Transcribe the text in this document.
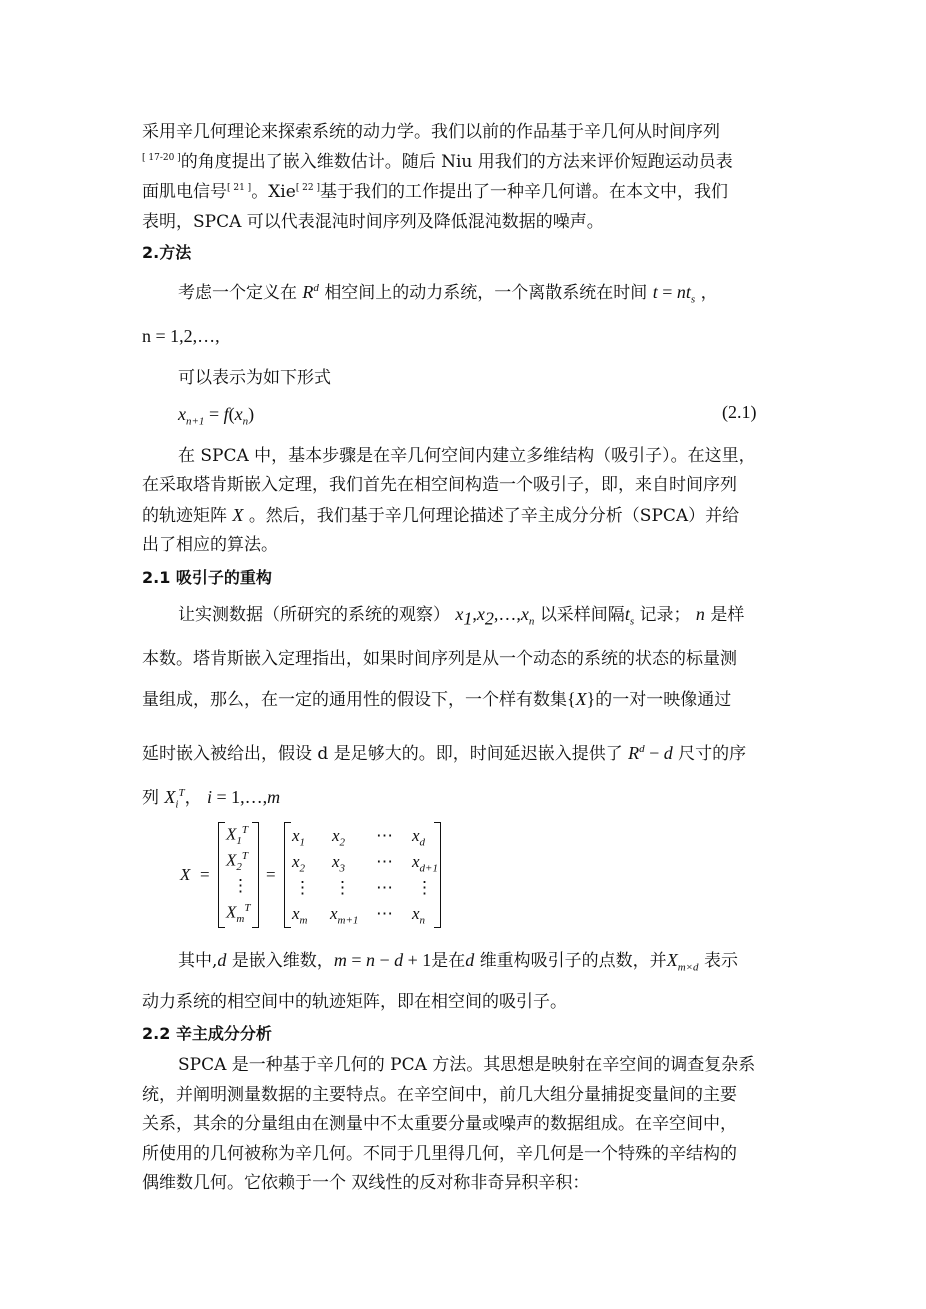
采用辛几何理论来探索系统的动力学。我们以前的作品基于辛几何从时间序列
[ 17-20 ]的角度提出了嵌入维数估计。随后 Niu 用我们的方法来评价短跑运动员表
面肌电信号[ 21 ]。Xie[ 22 ]基于我们的工作提出了一种辛几何谱。在本文中，我们
表明，SPCA 可以代表混沌时间序列及降低混沌数据的噪声。
2.方法
考虑一个定义在 $R^d$ 相空间上的动力系统，一个离散系统在时间 $t = nt_s$ ，
n = 1,2,…,
可以表示为如下形式
$x_{n+1} = f(x_n)$	(2.1)
在 SPCA 中，基本步骤是在辛几何空间内建立多维结构（吸引子）。在这里，
在采取塔肯斯嵌入定理，我们首先在相空间构造一个吸引子，即，来自时间序列
的轨迹矩阵 X 。然后，我们基于辛几何理论描述了辛主成分分析（SPCA）并给
出了相应的算法。
2.1 吸引子的重构
让实测数据（所研究的系统的观察） $x_1,x_2,\dots,x_n$ 以采样间隔$t_s$ 记录； n 是样
本数。塔肯斯嵌入定理指出，如果时间序列是从一个动态的系统的状态的标量测
量组成，那么，在一定的通用性的假设下，一个样有数集{X}的一对一映像通过
延时嵌入被给出，假设 d 是足够大的。即，时间延迟嵌入提供了 $R^d - d$ 尺寸的序
列 $X_i^T$， i = 1,…,m
X =
$X_1^T$
$X_2^T$
⋮
$X_m^T$
=
$x_1$ $x_2$ ⋯ $x_d$
$x_2$ $x_3$ ⋯ $x_{d+1}$
⋮ ⋮ ⋯ ⋮
$x_m$ $x_{m+1}$ ⋯ $x_n$
其中,d 是嵌入维数，m = n − d + 1是在d 维重构吸引子的点数，并$X_{m\times d}$ 表示
动力系统的相空间中的轨迹矩阵，即在相空间的吸引子。
2.2 辛主成分分析
SPCA 是一种基于辛几何的 PCA 方法。其思想是映射在辛空间的调查复杂系
统，并阐明测量数据的主要特点。在辛空间中，前几大组分量捕捉变量间的主要
关系，其余的分量组由在测量中不太重要分量或噪声的数据组成。在辛空间中，
所使用的几何被称为辛几何。不同于几里得几何，辛几何是一个特殊的辛结构的
偶维数几何。它依赖于一个 双线性的反对称非奇异积辛积：
